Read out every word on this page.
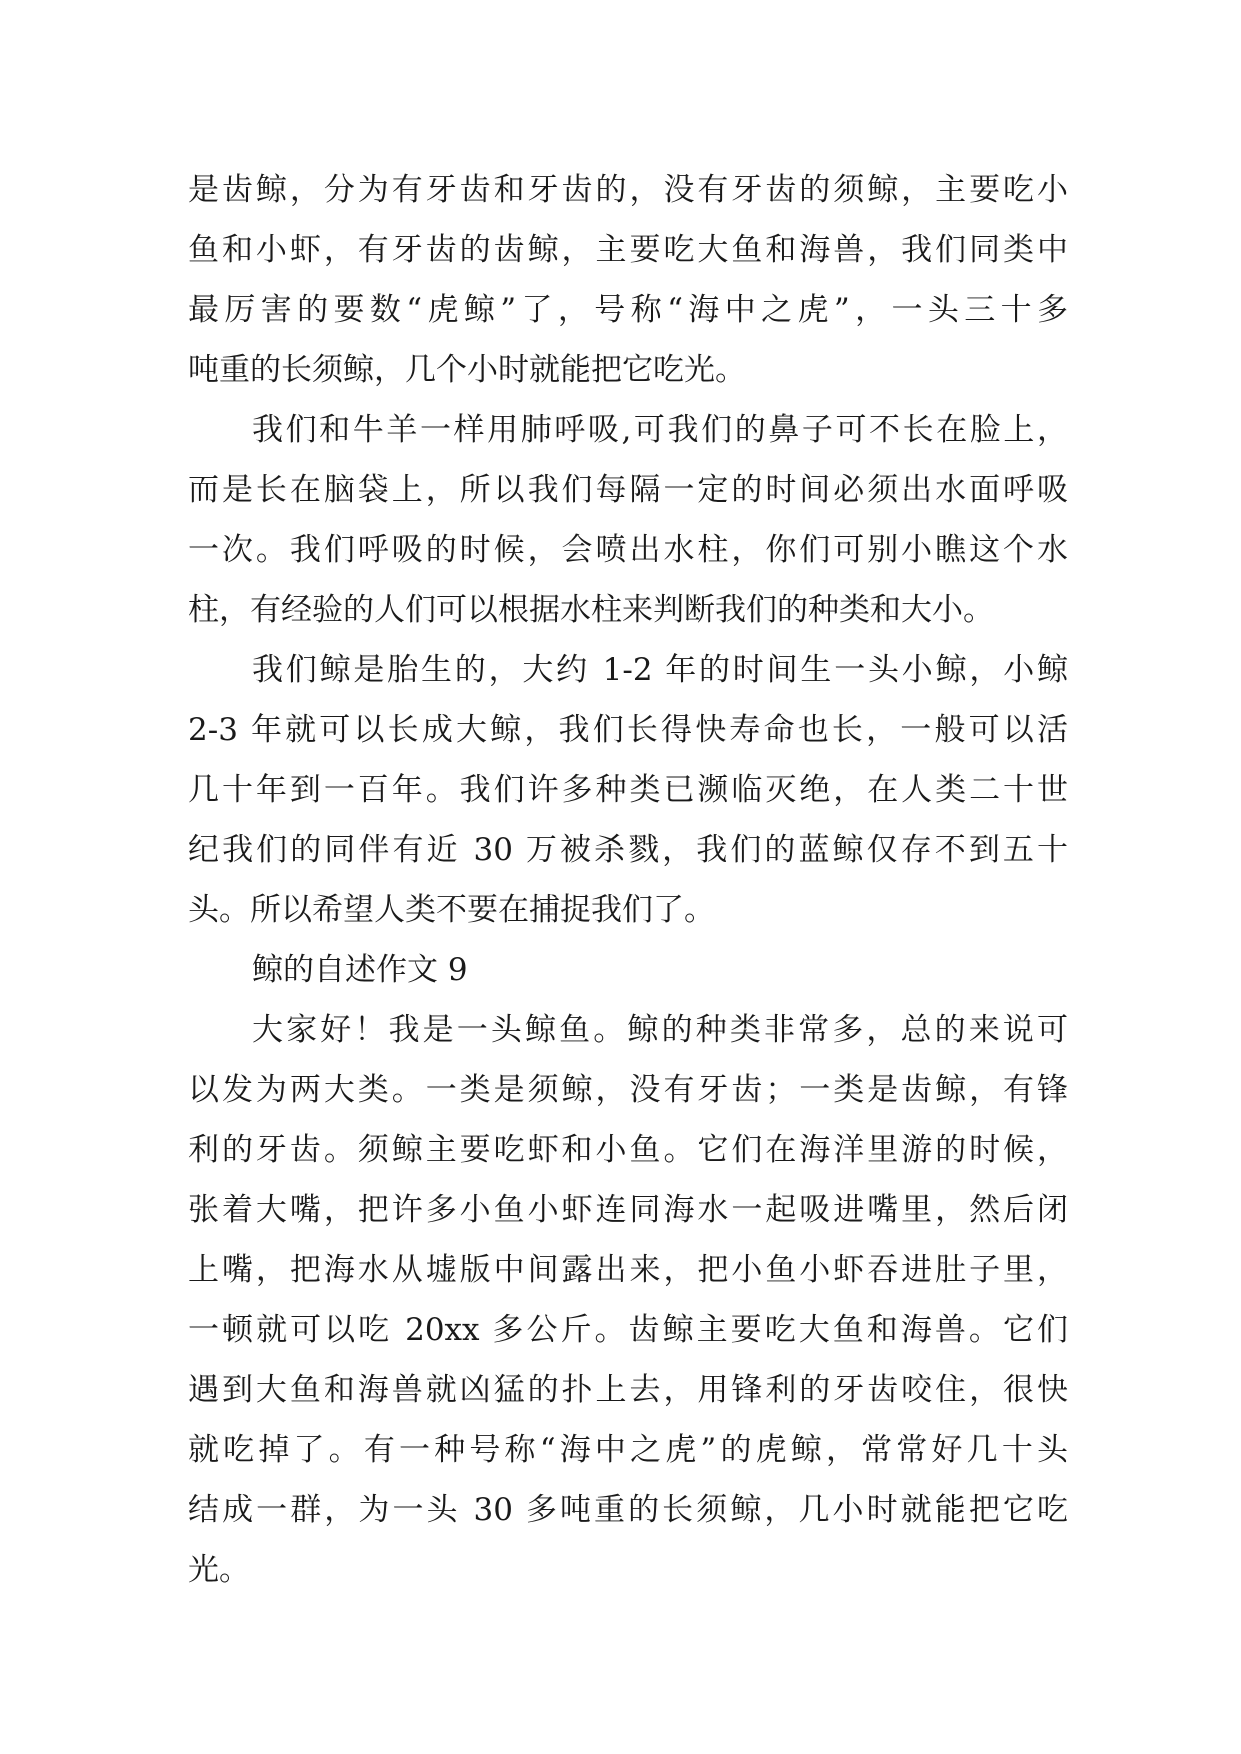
是齿鲸，分为有牙齿和牙齿的，没有牙齿的须鲸，主要吃小
鱼和小虾，有牙齿的齿鲸，主要吃大鱼和海兽，我们同类中
最厉害的要数“虎鲸”了，号称“海中之虎”，一头三十多
吨重的长须鲸，几个小时就能把它吃光。
我们和牛羊一样用肺呼吸,可我们的鼻子可不长在脸上，
而是长在脑袋上，所以我们每隔一定的时间必须出水面呼吸
一次。我们呼吸的时候，会喷出水柱，你们可别小瞧这个水
柱，有经验的人们可以根据水柱来判断我们的种类和大小。
我们鲸是胎生的，大约 1-2 年的时间生一头小鲸，小鲸
2-3 年就可以长成大鲸，我们长得快寿命也长，一般可以活
几十年到一百年。我们许多种类已濒临灭绝，在人类二十世
纪我们的同伴有近 30 万被杀戮，我们的蓝鲸仅存不到五十
头。所以希望人类不要在捕捉我们了。
鲸的自述作文 9
大家好！我是一头鲸鱼。鲸的种类非常多，总的来说可
以发为两大类。一类是须鲸，没有牙齿；一类是齿鲸，有锋
利的牙齿。须鲸主要吃虾和小鱼。它们在海洋里游的时候，
张着大嘴，把许多小鱼小虾连同海水一起吸进嘴里，然后闭
上嘴，把海水从墟版中间露出来，把小鱼小虾吞进肚子里，
一顿就可以吃 20xx 多公斤。齿鲸主要吃大鱼和海兽。它们
遇到大鱼和海兽就凶猛的扑上去，用锋利的牙齿咬住，很快
就吃掉了。有一种号称“海中之虎”的虎鲸，常常好几十头
结成一群，为一头 30 多吨重的长须鲸，几小时就能把它吃
光。
